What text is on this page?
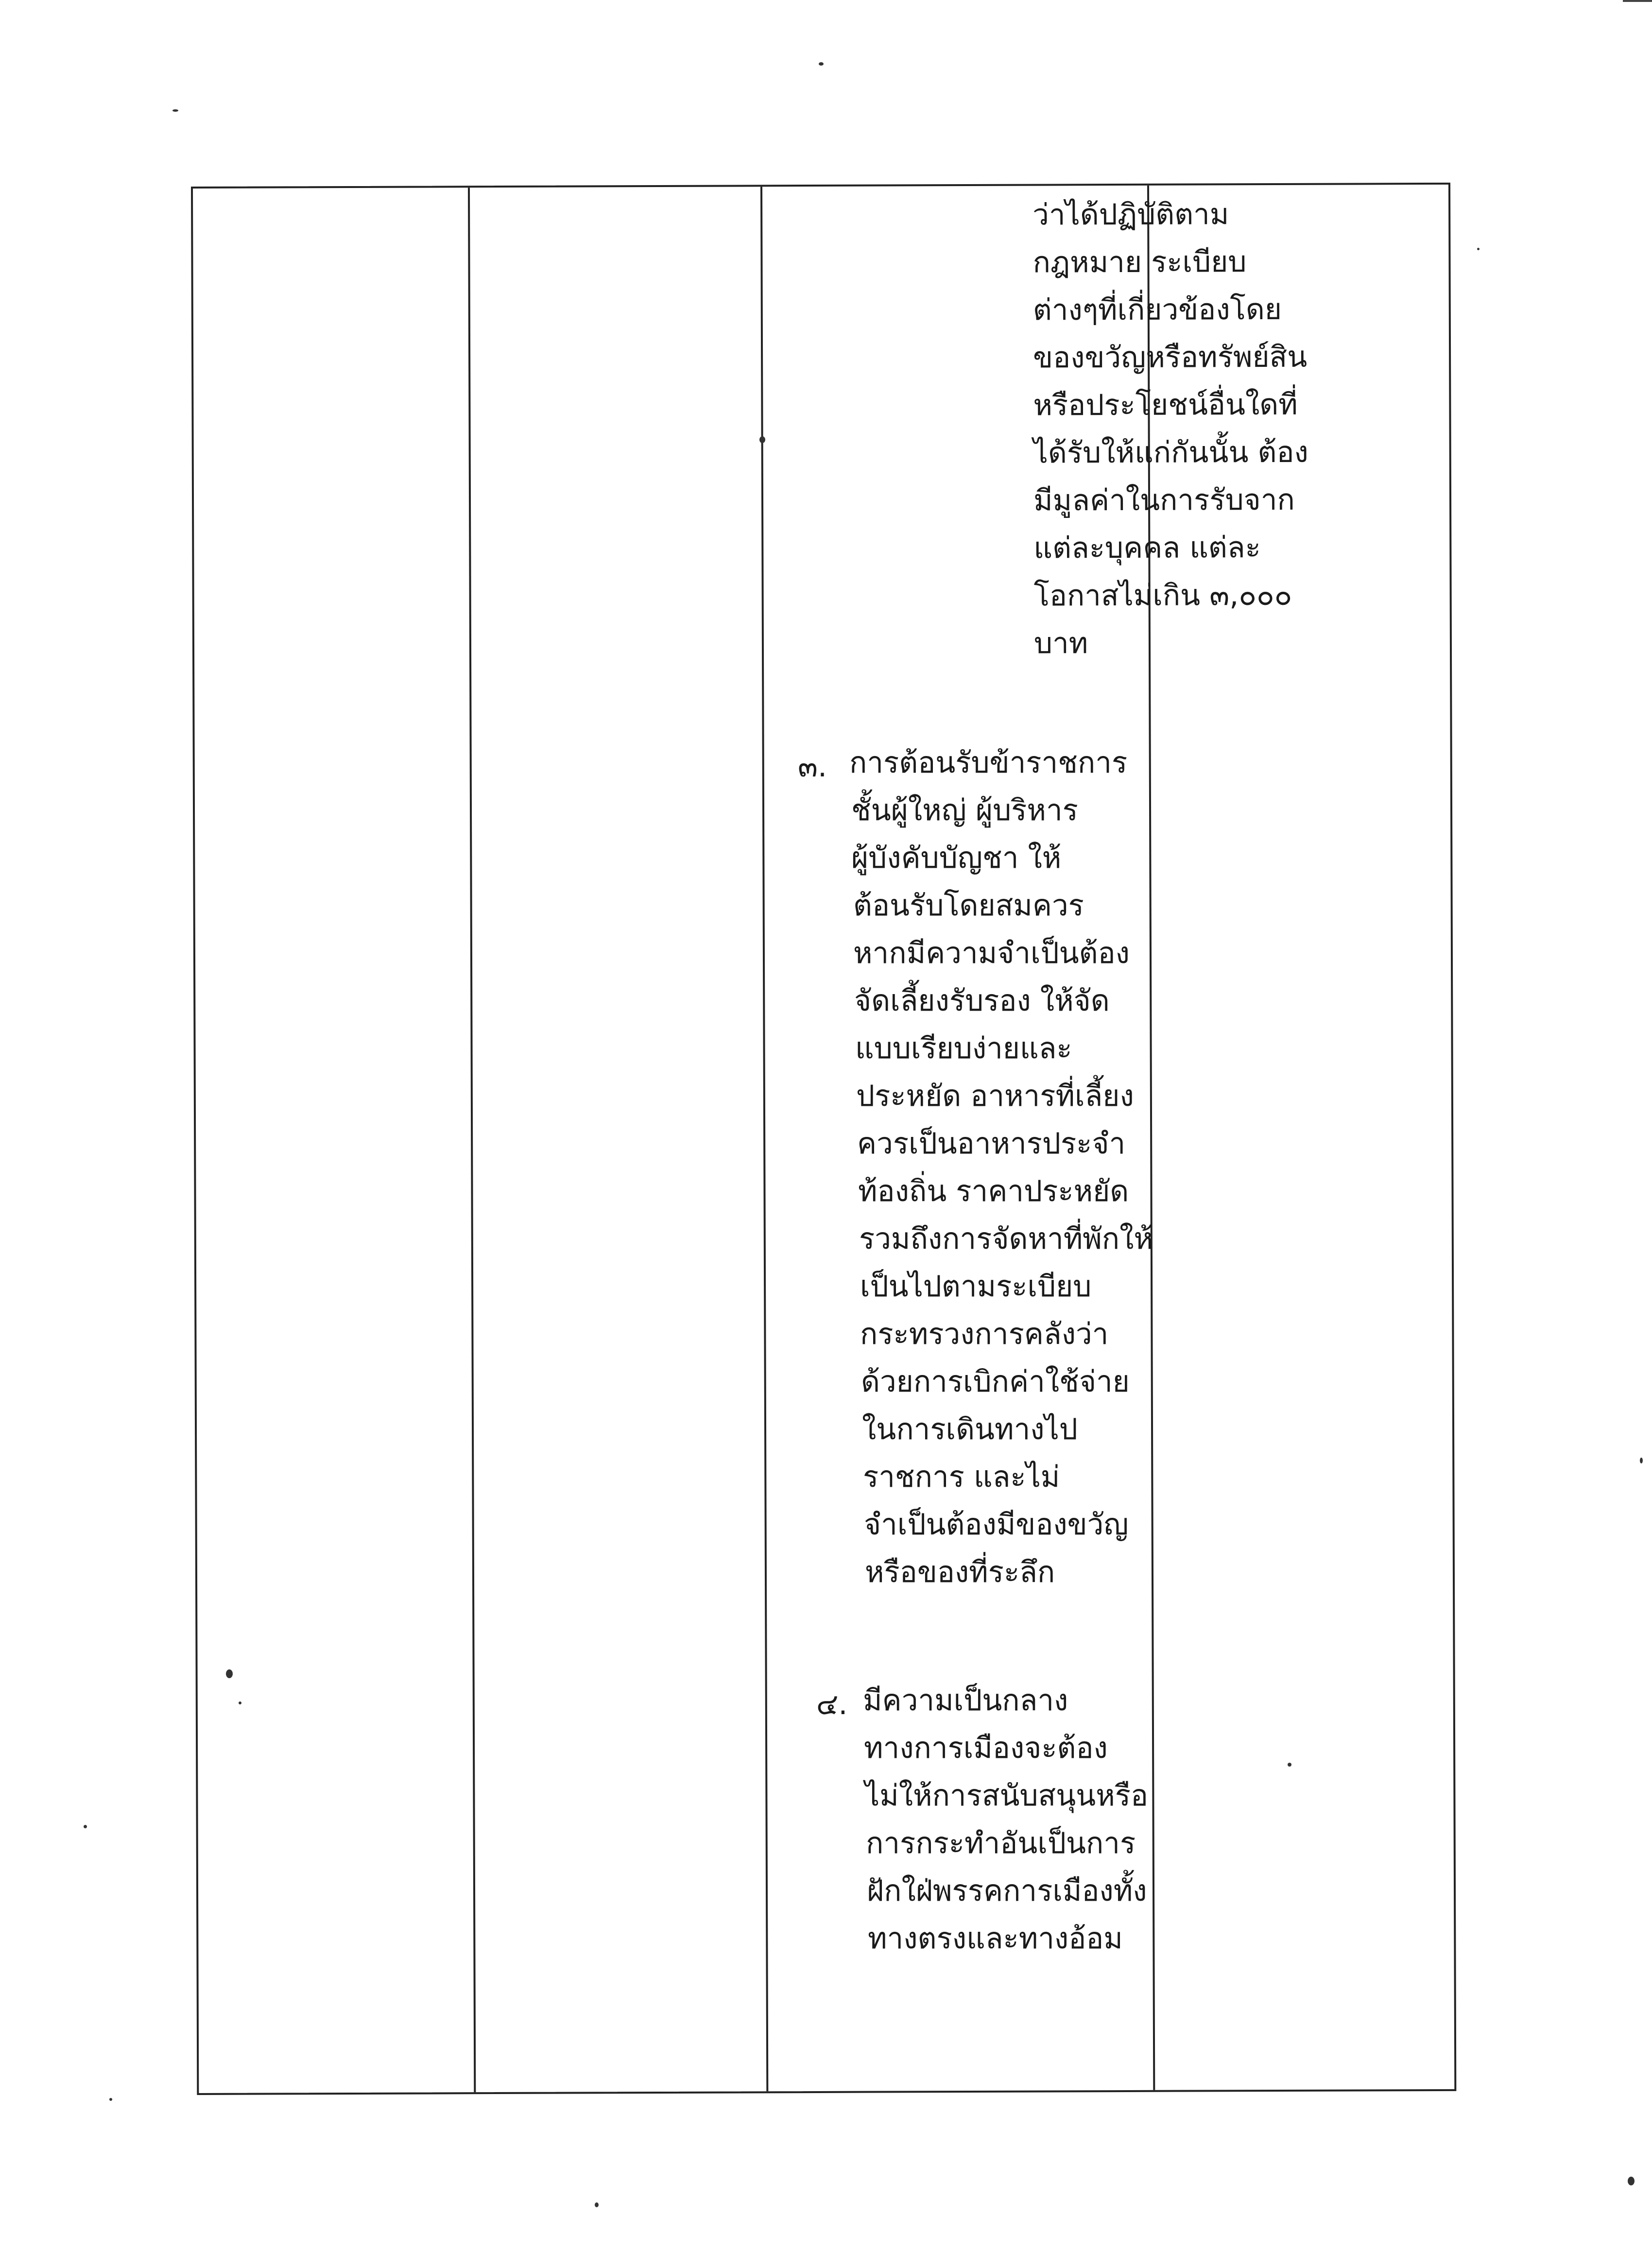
ว่าได้ปฏิบัติตาม
กฎหมาย ระเบียบ
ต่างๆที่เกี่ยวข้องโดย
ของขวัญหรือทรัพย์สิน
หรือประโยชน์อื่นใดที่
ได้รับให้แก่กันนั้น ต้อง
มีมูลค่าในการรับจาก
แต่ละบุคคล แต่ละ
โอกาสไม่เกิน ๓,๐๐๐
บาท
๓. การต้อนรับข้าราชการ
ชั้นผู้ใหญ่ ผู้บริหาร
ผู้บังคับบัญชา ให้
ต้อนรับโดยสมควร
หากมีความจำเป็นต้อง
จัดเลี้ยงรับรอง ให้จัด
แบบเรียบง่ายและ
ประหยัด อาหารที่เลี้ยง
ควรเป็นอาหารประจำ
ท้องถิ่น ราคาประหยัด
รวมถึงการจัดหาที่พักให้
เป็นไปตามระเบียบ
กระทรวงการคลังว่า
ด้วยการเบิกค่าใช้จ่าย
ในการเดินทางไป
ราชการ และไม่
จำเป็นต้องมีของขวัญ
หรือของที่ระลึก
๔. มีความเป็นกลาง
ทางการเมืองจะต้อง
ไม่ให้การสนับสนุนหรือ
การกระทำอันเป็นการ
ฝักใฝ่พรรคการเมืองทั้ง
ทางตรงและทางอ้อม
